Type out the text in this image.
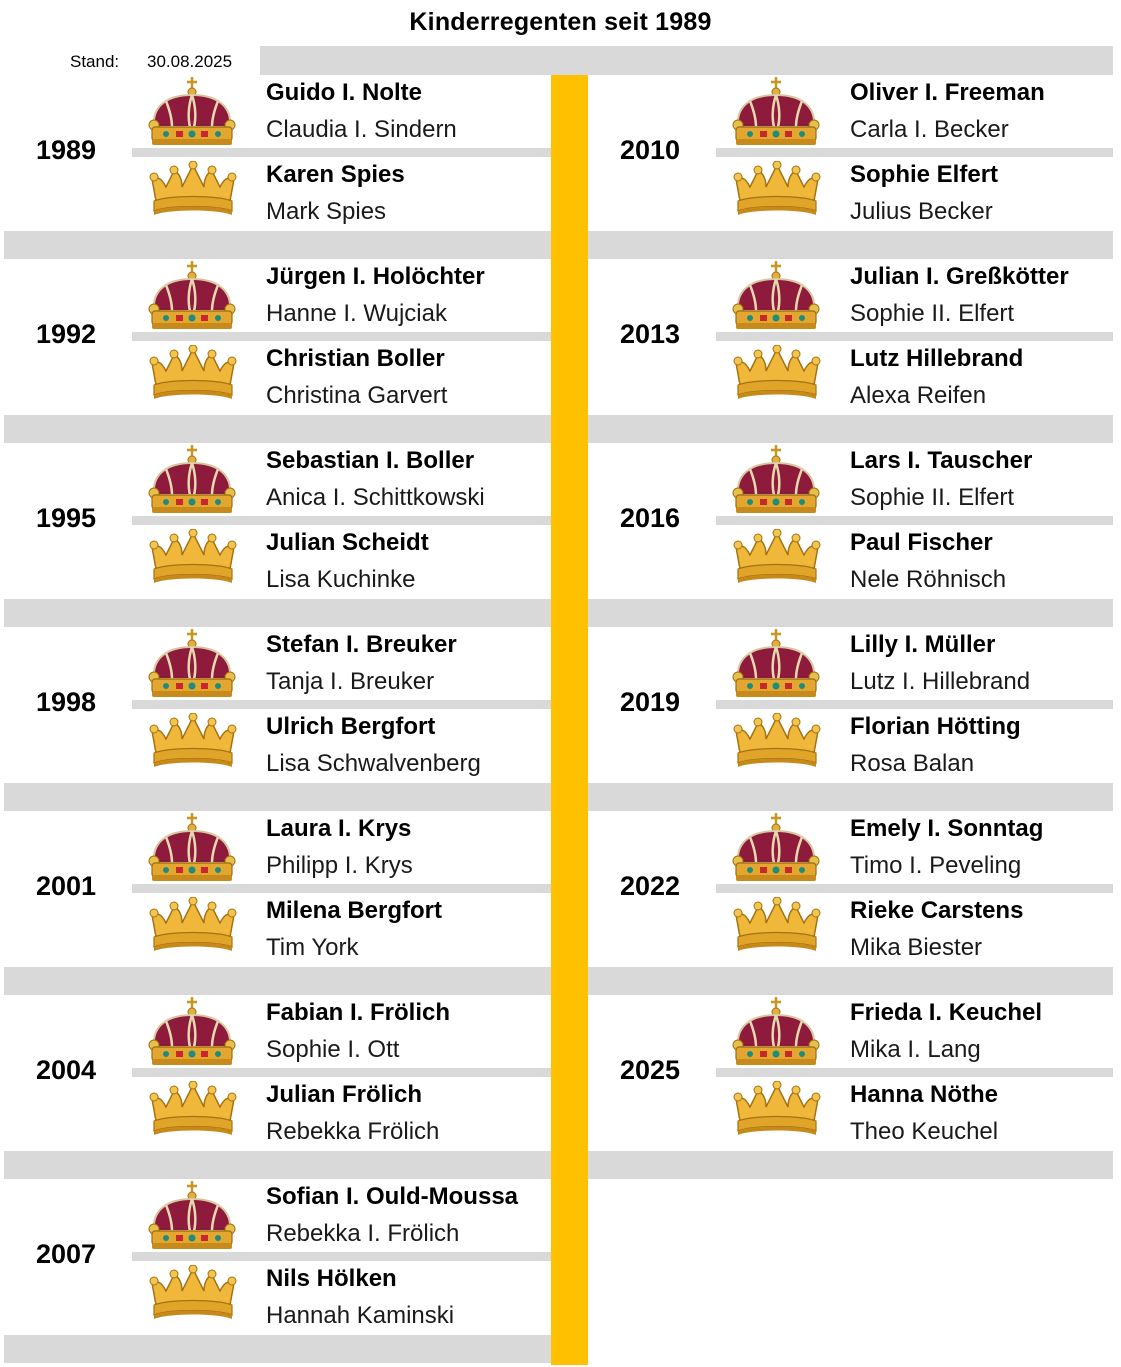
Kinderregenten seit 1989
Stand: 30.08.2025
1989
Guido I. Nolte
Claudia I. Sindern
Karen Spies
Mark Spies
1992
Jürgen I. Holöchter
Hanne I. Wujciak
Christian Boller
Christina Garvert
1995
Sebastian I. Boller
Anica I. Schittkowski
Julian Scheidt
Lisa Kuchinke
1998
Stefan I. Breuker
Tanja I. Breuker
Ulrich Bergfort
Lisa Schwalvenberg
2001
Laura I. Krys
Philipp I. Krys
Milena Bergfort
Tim York
2004
Fabian I. Frölich
Sophie I. Ott
Julian Frölich
Rebekka Frölich
2007
Sofian I. Ould-Moussa
Rebekka I. Frölich
Nils Hölken
Hannah Kaminski
2010
Oliver I. Freeman
Carla I. Becker
Sophie Elfert
Julius Becker
2013
Julian I. Greßkötter
Sophie II. Elfert
Lutz Hillebrand
Alexa Reifen
2016
Lars I. Tauscher
Sophie II. Elfert
Paul Fischer
Nele Röhnisch
2019
Lilly I. Müller
Lutz I. Hillebrand
Florian Hötting
Rosa Balan
2022
Emely I. Sonntag
Timo I. Peveling
Rieke Carstens
Mika Biester
2025
Frieda I. Keuchel
Mika I. Lang
Hanna Nöthe
Theo Keuchel
